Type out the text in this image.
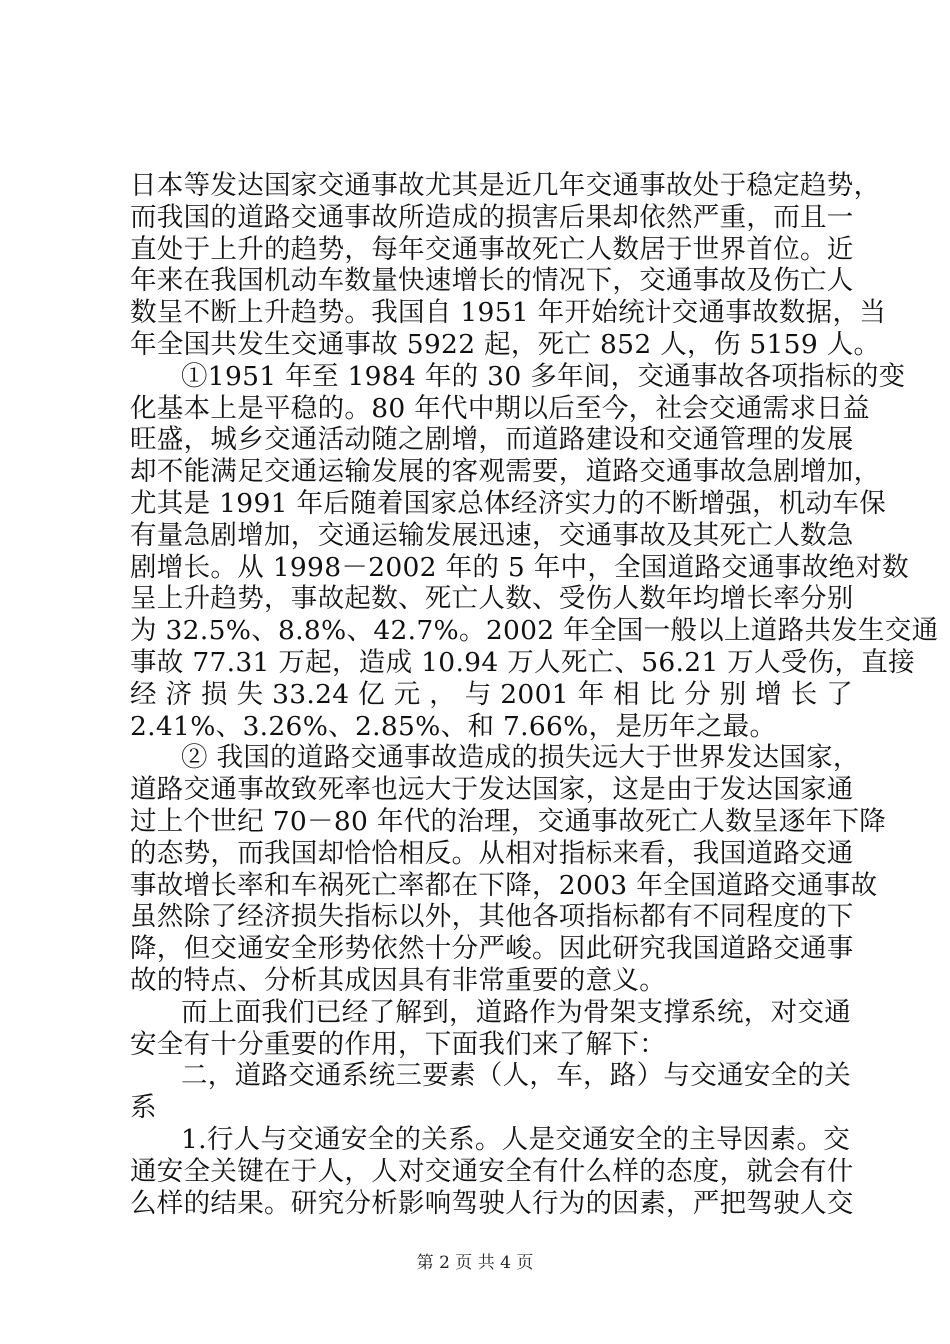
日本等发达国家交通事故尤其是近几年交通事故处于稳定趋势，
而我国的道路交通事故所造成的损害后果却依然严重，而且一
直处于上升的趋势，每年交通事故死亡人数居于世界首位。近
年来在我国机动车数量快速增长的情况下，交通事故及伤亡人
数呈不断上升趋势。我国自 1951 年开始统计交通事故数据，当
年全国共发生交通事故 5922 起，死亡 852 人，伤 5159 人。
①1951 年至 1984 年的 30 多年间，交通事故各项指标的变
化基本上是平稳的。80 年代中期以后至今，社会交通需求日益
旺盛，城乡交通活动随之剧增，而道路建设和交通管理的发展
却不能满足交通运输发展的客观需要，道路交通事故急剧增加，
尤其是 1991 年后随着国家总体经济实力的不断增强，机动车保
有量急剧增加，交通运输发展迅速，交通事故及其死亡人数急
剧增长。从 1998－2002 年的 5 年中，全国道路交通事故绝对数
呈上升趋势，事故起数、死亡人数、受伤人数年均增长率分别
为 32.5%、8.8%、42.7%。2002 年全国一般以上道路共发生交通
事故 77.31 万起，造成 10.94 万人死亡、56.21 万人受伤，直接
经 济 损 失 33.24 亿 元 ， 与 2001 年 相 比 分 别 增 长 了
2.41%、3.26%、2.85%、和 7.66%，是历年之最。
② 我国的道路交通事故造成的损失远大于世界发达国家，
道路交通事故致死率也远大于发达国家，这是由于发达国家通
过上个世纪 70－80 年代的治理，交通事故死亡人数呈逐年下降
的态势，而我国却恰恰相反。从相对指标来看，我国道路交通
事故增长率和车祸死亡率都在下降，2003 年全国道路交通事故
虽然除了经济损失指标以外，其他各项指标都有不同程度的下
降，但交通安全形势依然十分严峻。因此研究我国道路交通事
故的特点、分析其成因具有非常重要的意义。
而上面我们已经了解到，道路作为骨架支撑系统，对交通
安全有十分重要的作用，下面我们来了解下：
二，道路交通系统三要素（人，车，路）与交通安全的关
系
1.行人与交通安全的关系。人是交通安全的主导因素。交
通安全关键在于人，人对交通安全有什么样的态度，就会有什
么样的结果。研究分析影响驾驶人行为的因素，严把驾驶人交
第 2 页 共 4 页
